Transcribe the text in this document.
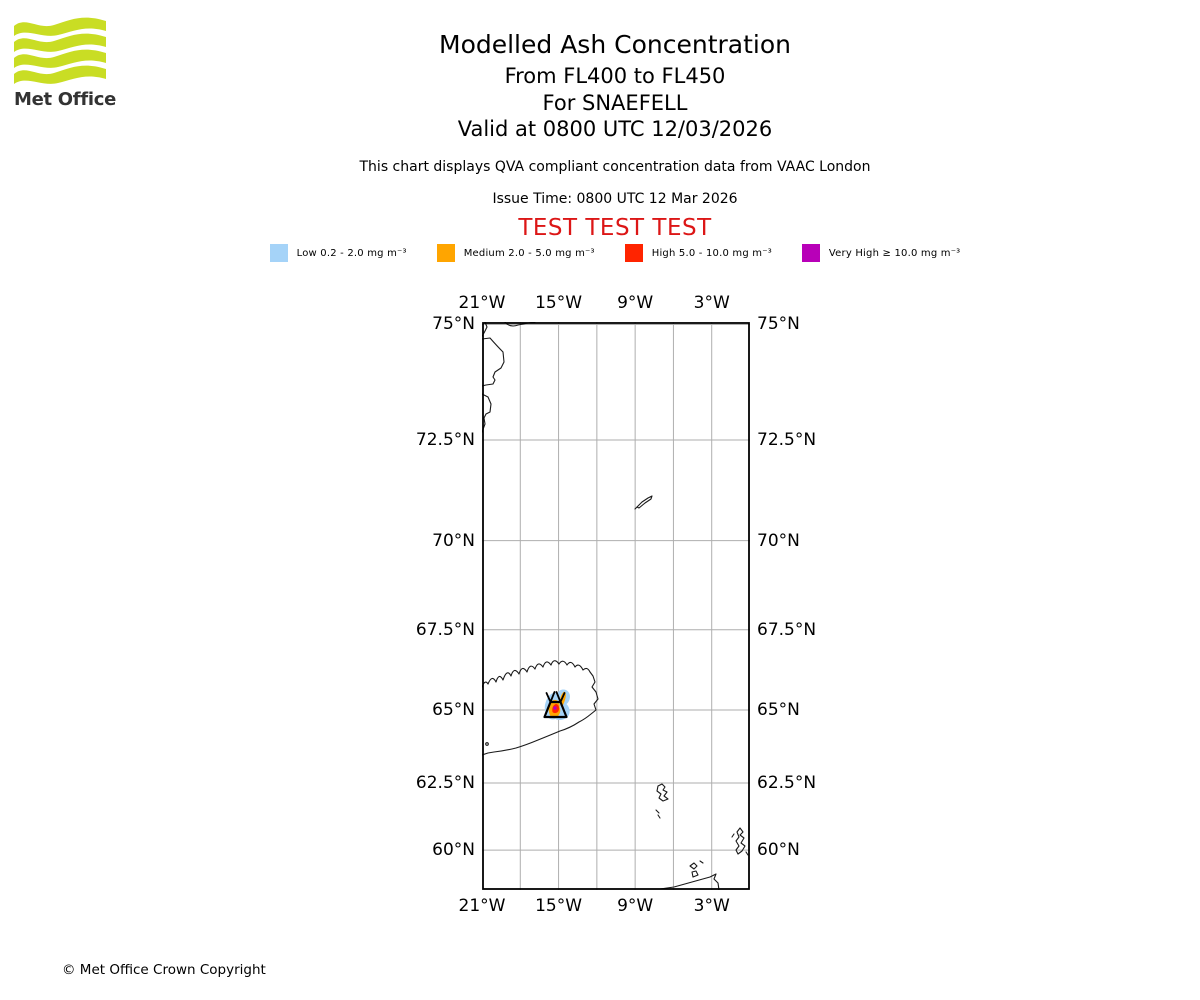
Met Office
Modelled Ash Concentration
From FL400 to FL450
For SNAEFELL
Valid at 0800 UTC 12/03/2026
This chart displays QVA compliant concentration data from VAAC London
Issue Time: 0800 UTC 12 Mar 2026
TEST TEST TEST
Low 0.2 - 2.0 mg m⁻³	Medium 2.0 - 5.0 mg m⁻³	High 5.0 - 10.0 mg m⁻³	Very High ≥ 10.0 mg m⁻³
21°W
21°W
15°W
15°W
9°W
9°W
3°W
3°W
75°N	75°N
72.5°N	72.5°N
70°N	70°N
67.5°N	67.5°N
65°N	65°N
62.5°N	62.5°N
60°N	60°N
© Met Office Crown Copyright
